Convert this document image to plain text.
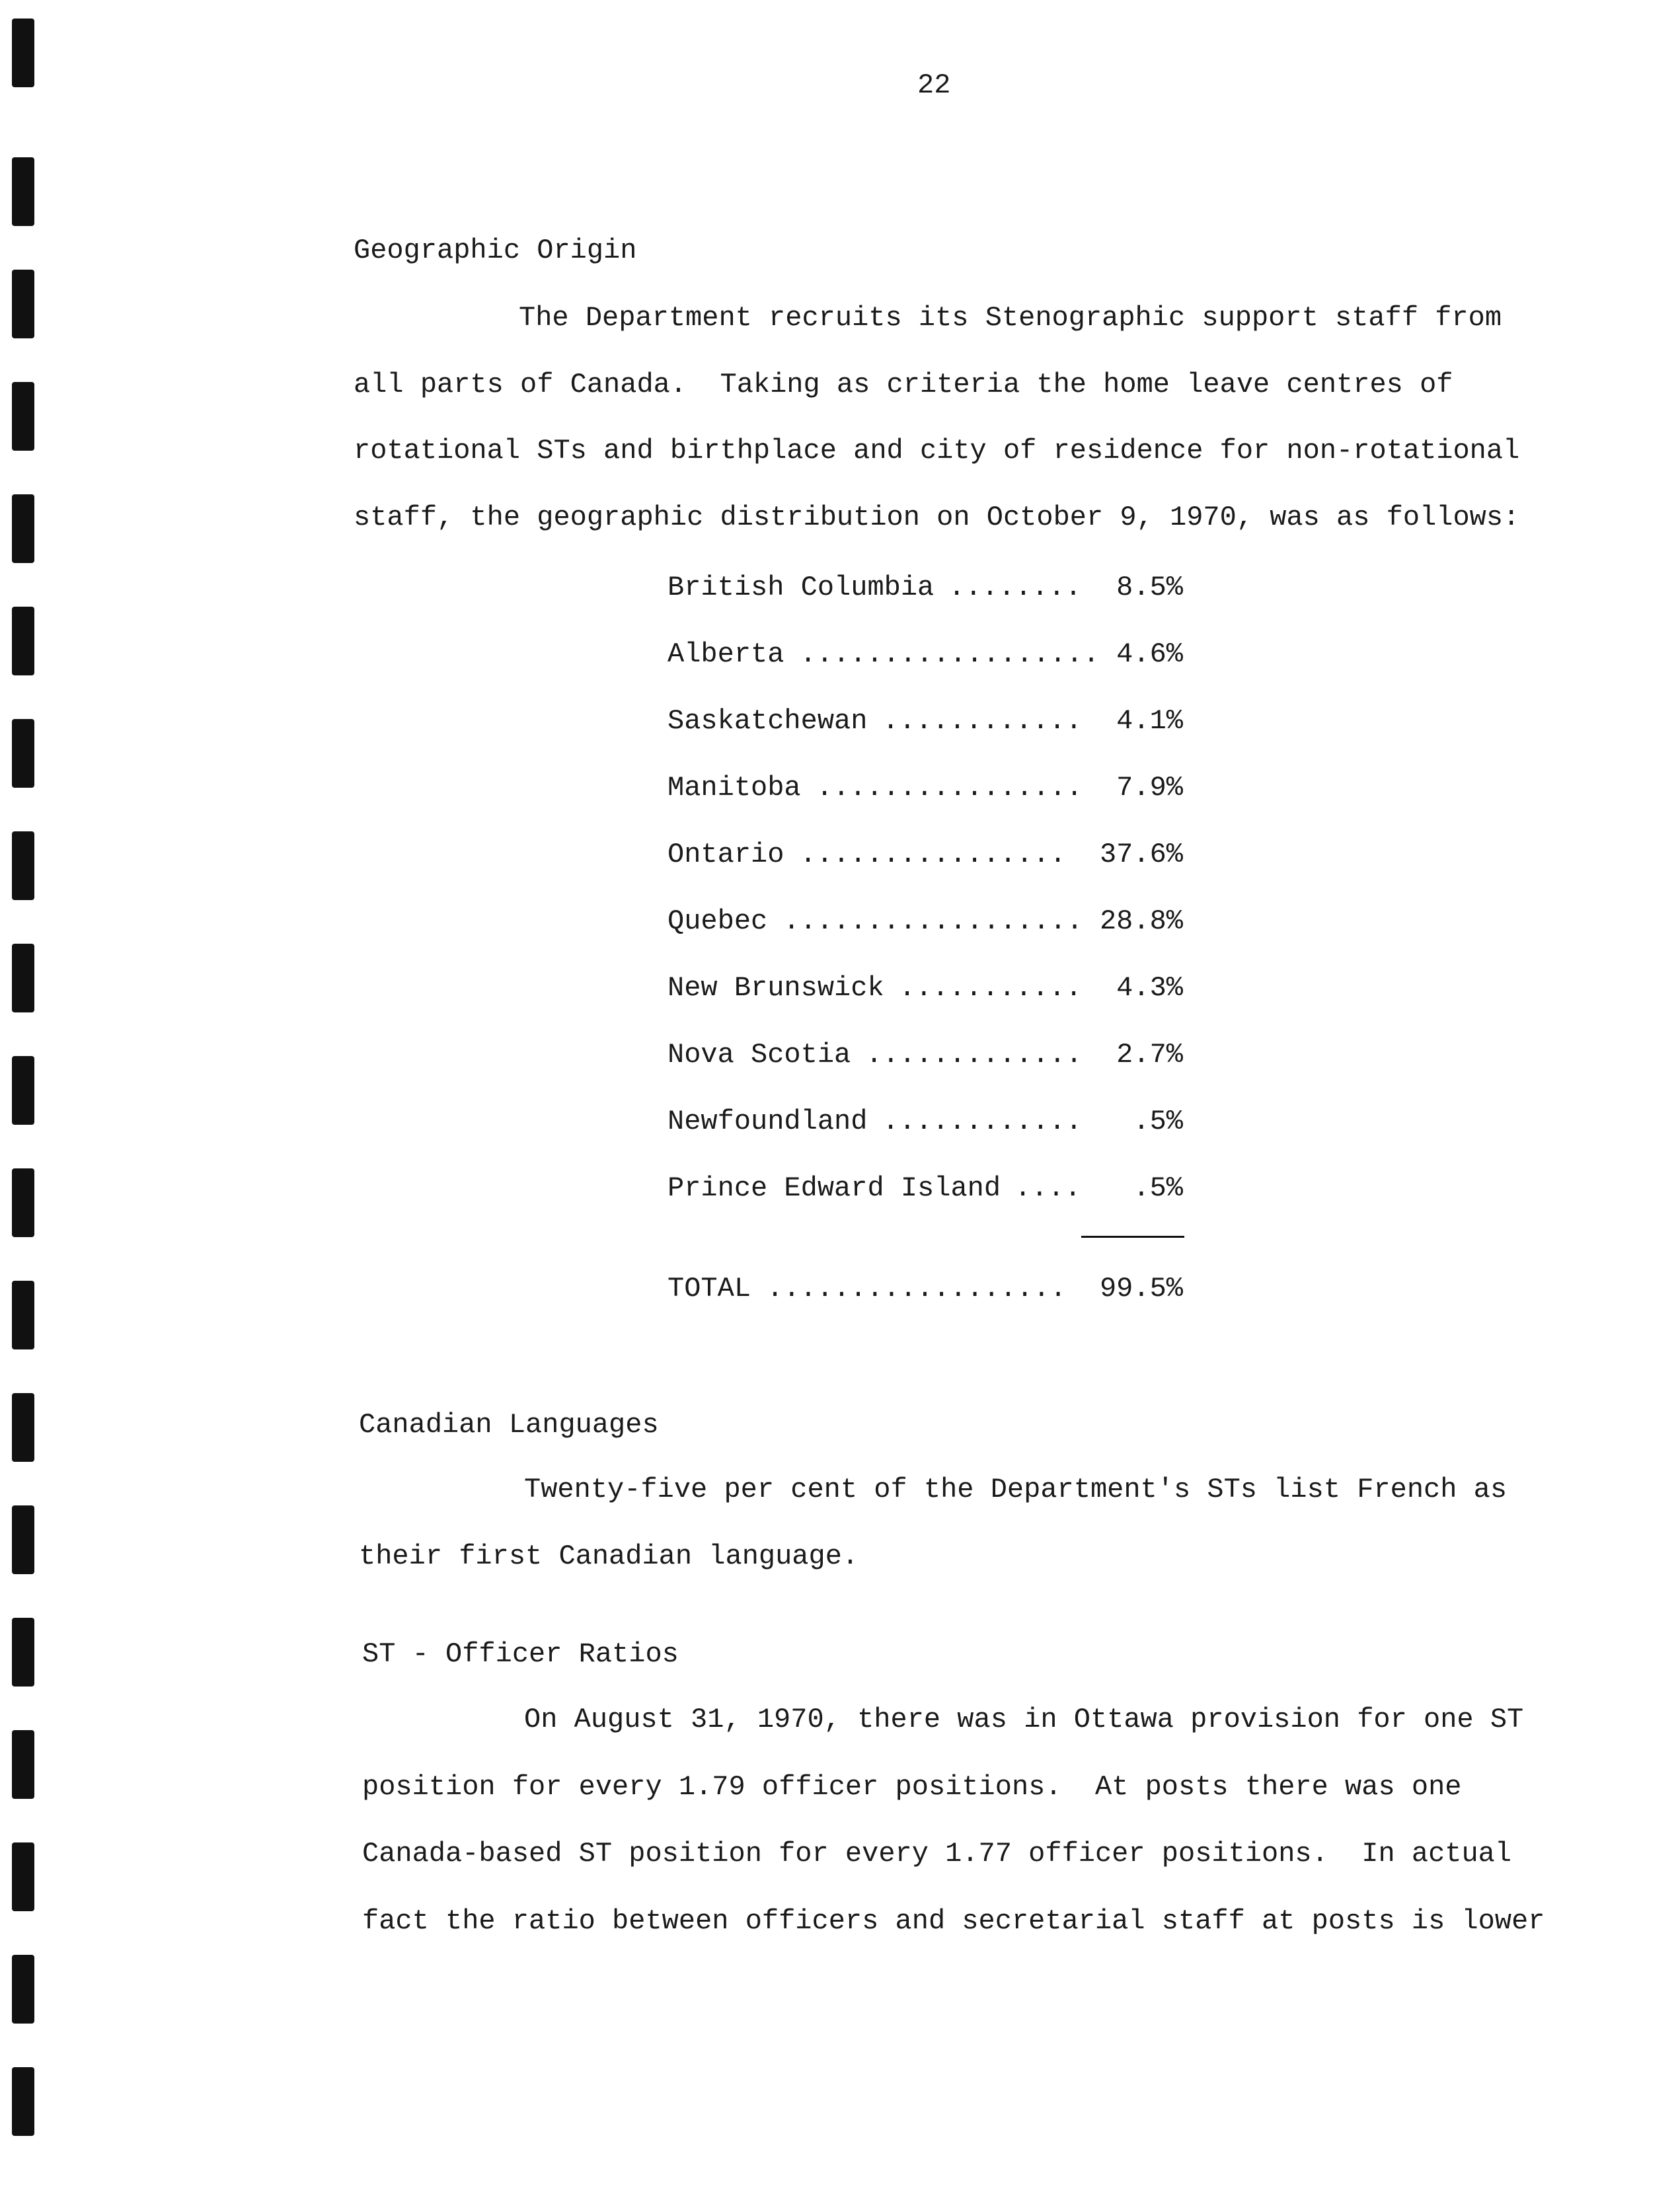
22
Geographic Origin

The Department recruits its Stenographic support staff from

all parts of Canada.  Taking as criteria the home leave centres of

rotational STs and birthplace and city of residence for non-rotational

staff, the geographic distribution on October 9, 1970, was as follows:

British Columbia ........ 8.5%
Alberta .................. 4.6%
Saskatchewan ............ 4.1%
Manitoba ................ 7.9%
Ontario ................ 37.6%
Quebec .................. 28.8%
New Brunswick ........... 4.3%
Nova Scotia ............. 2.7%
Newfoundland ............ .5%
Prince Edward Island .... .5%
TOTAL .................. 99.5%
Canadian Languages

Twenty-five per cent of the Department's STs list French as

their first Canadian language.

ST - Officer Ratios

On August 31, 1970, there was in Ottawa provision for one ST

position for every 1.79 officer positions.  At posts there was one

Canada-based ST position for every 1.77 officer positions.  In actual

fact the ratio between officers and secretarial staff at posts is lower
